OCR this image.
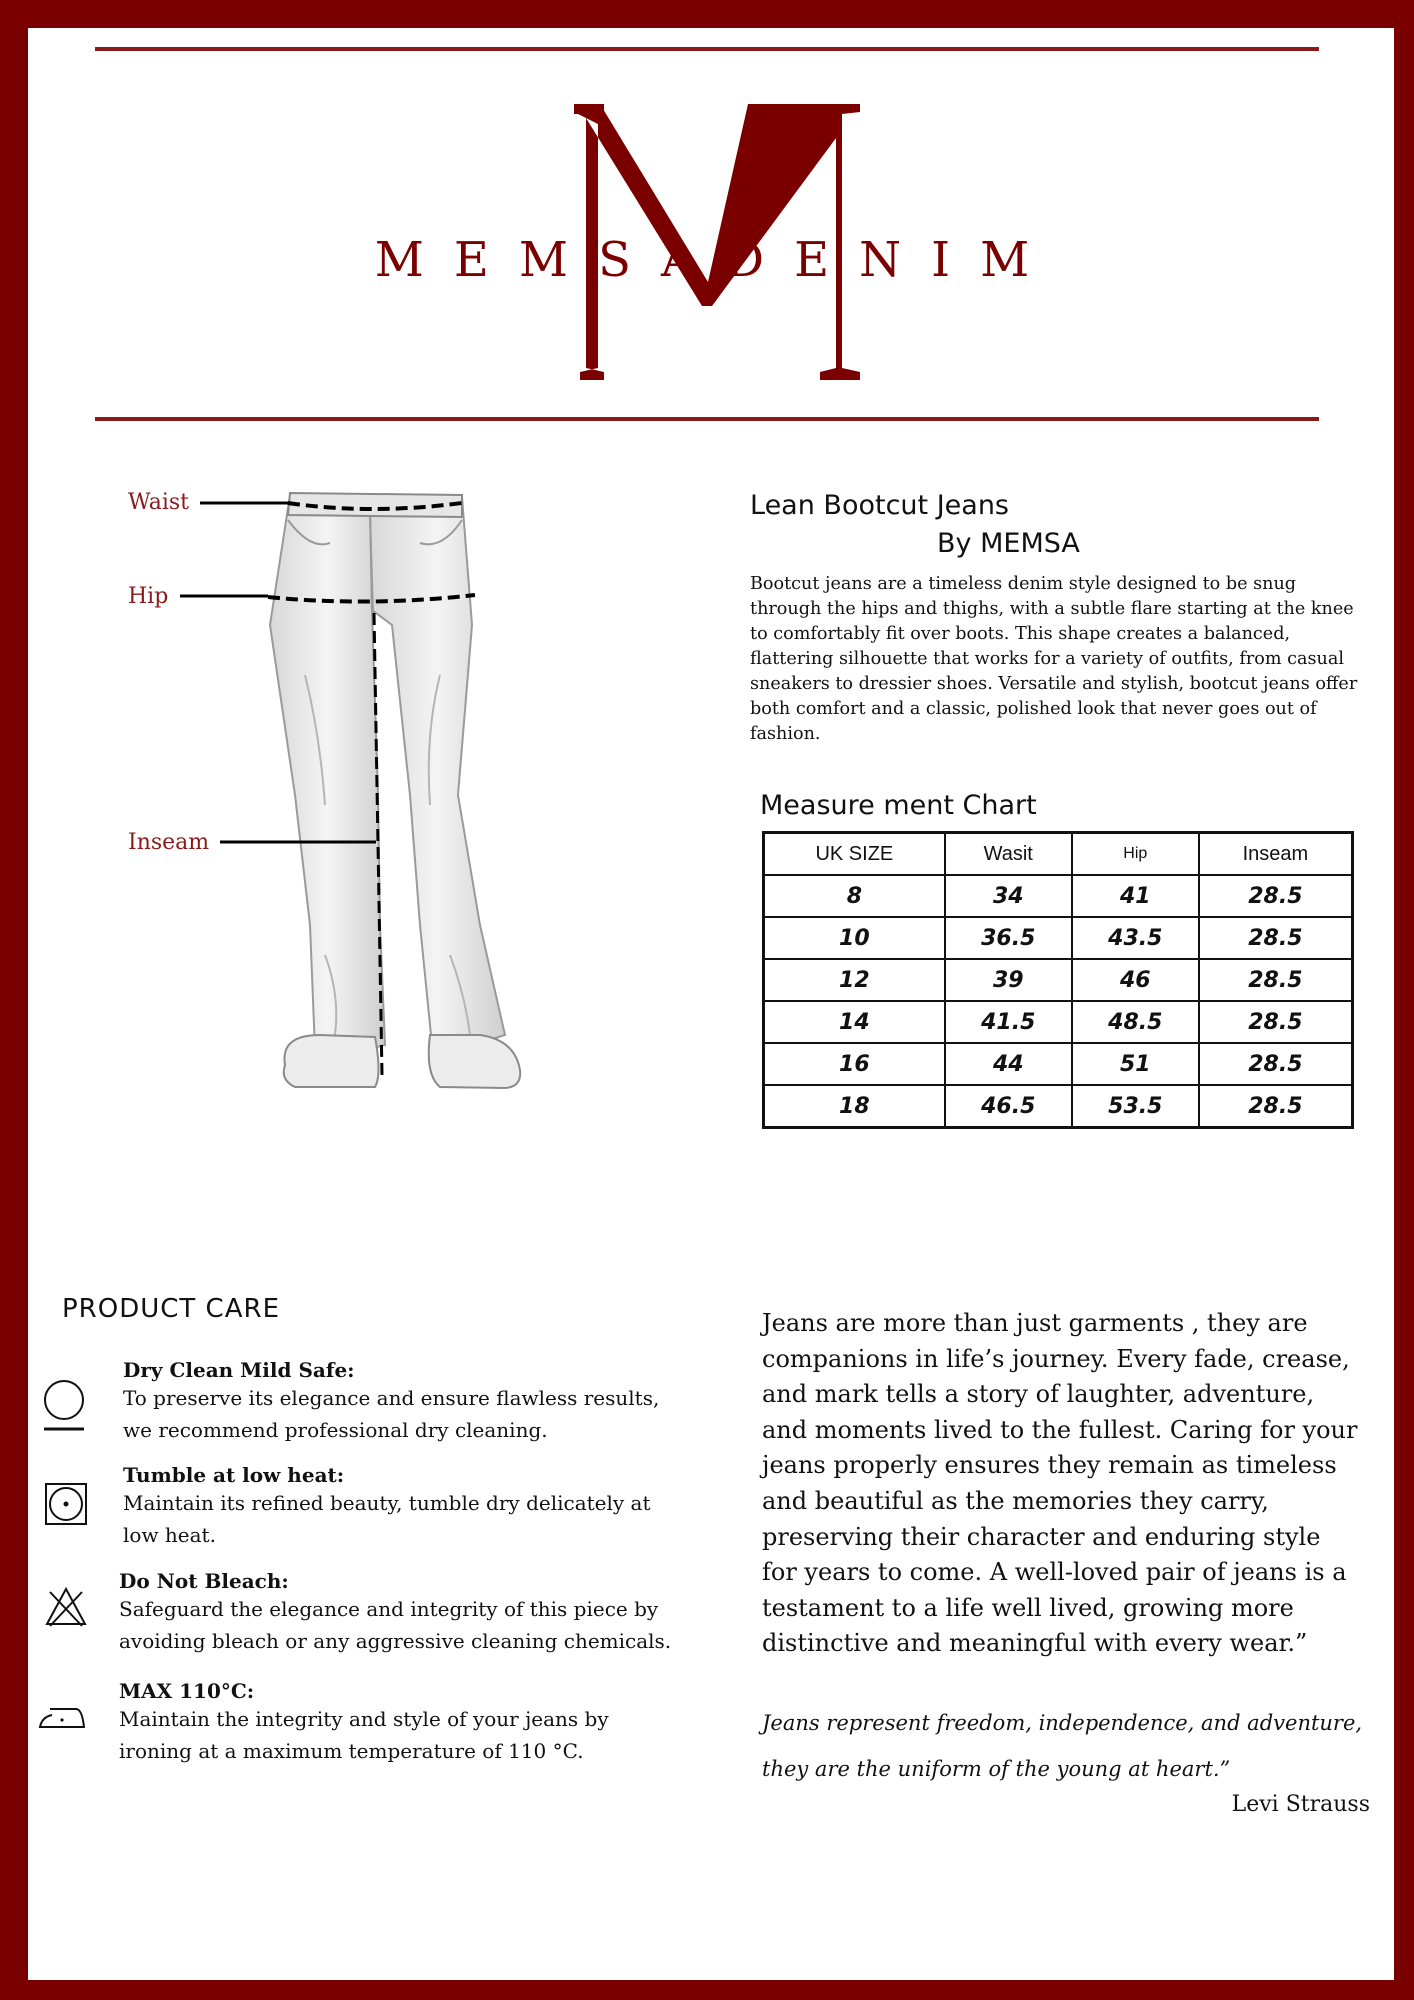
MEMSADENIM
Waist
Hip
Inseam
Lean Bootcut Jeans
By MEMSA
Bootcut jeans are a timeless denim style designed to be snug through the hips and thighs, with a subtle flare starting at the knee to comfortably fit over boots. This shape creates a balanced, flattering silhouette that works for a variety of outfits, from casual sneakers to dressier shoes. Versatile and stylish, bootcut jeans offer both comfort and a classic, polished look that never goes out of fashion.
Measure ment Chart
UK SIZE	Wasit	Hip	Inseam
8	34	41	28.5
10	36.5	43.5	28.5
12	39	46	28.5
14	41.5	48.5	28.5
16	44	51	28.5
18	46.5	53.5	28.5
PRODUCT CARE
Dry Clean Mild Safe:
To preserve its elegance and ensure flawless results,
we recommend professional dry cleaning.
Tumble at low heat:
Maintain its refined beauty, tumble dry delicately at
low heat.
Do Not Bleach:
Safeguard the elegance and integrity of this piece by
avoiding bleach or any aggressive cleaning chemicals.
MAX 110°C:
Maintain the integrity and style of your jeans by
ironing at a maximum temperature of 110 °C.
Jeans are more than just garments , they are companions in life’s journey. Every fade, crease, and mark tells a story of laughter, adventure, and moments lived to the fullest. Caring for your jeans properly ensures they remain as timeless and beautiful as the memories they carry, preserving their character and enduring style for years to come. A well-loved pair of jeans is a testament to a life well lived, growing more distinctive and meaningful with every wear.”
Jeans represent freedom, independence, and adventure, they are the uniform of the young at heart.”
Levi Strauss
